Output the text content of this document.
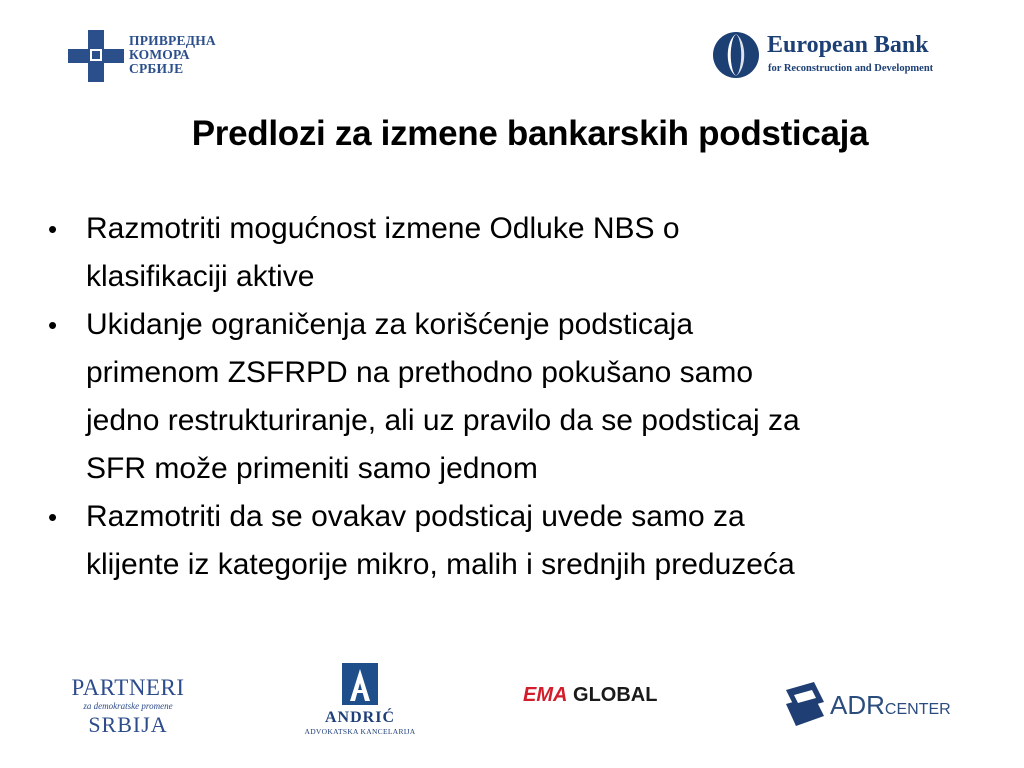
ПРИВРЕДНА
КОМОРА
СРБИЈЕ
European Bank
for Reconstruction and Development
Predlozi za izmene bankarskih podsticaja
• Razmotriti mogućnost izmene Odluke NBS o
klasifikaciji aktive
• Ukidanje ograničenja za korišćenje podsticaja
primenom ZSFRPD na prethodno pokušano samo
jedno restrukturiranje, ali uz pravilo da se podsticaj za
SFR može primeniti samo jednom
• Razmotriti da se ovakav podsticaj uvede samo za
klijente iz kategorije mikro, malih i srednjih preduzeća
PARTNERI
za demokratske promene
SRBIJA	ANDRIĆ
ADVOKATSKA KANCELARIJA
EMA GLOBAL	ADRCENTER
